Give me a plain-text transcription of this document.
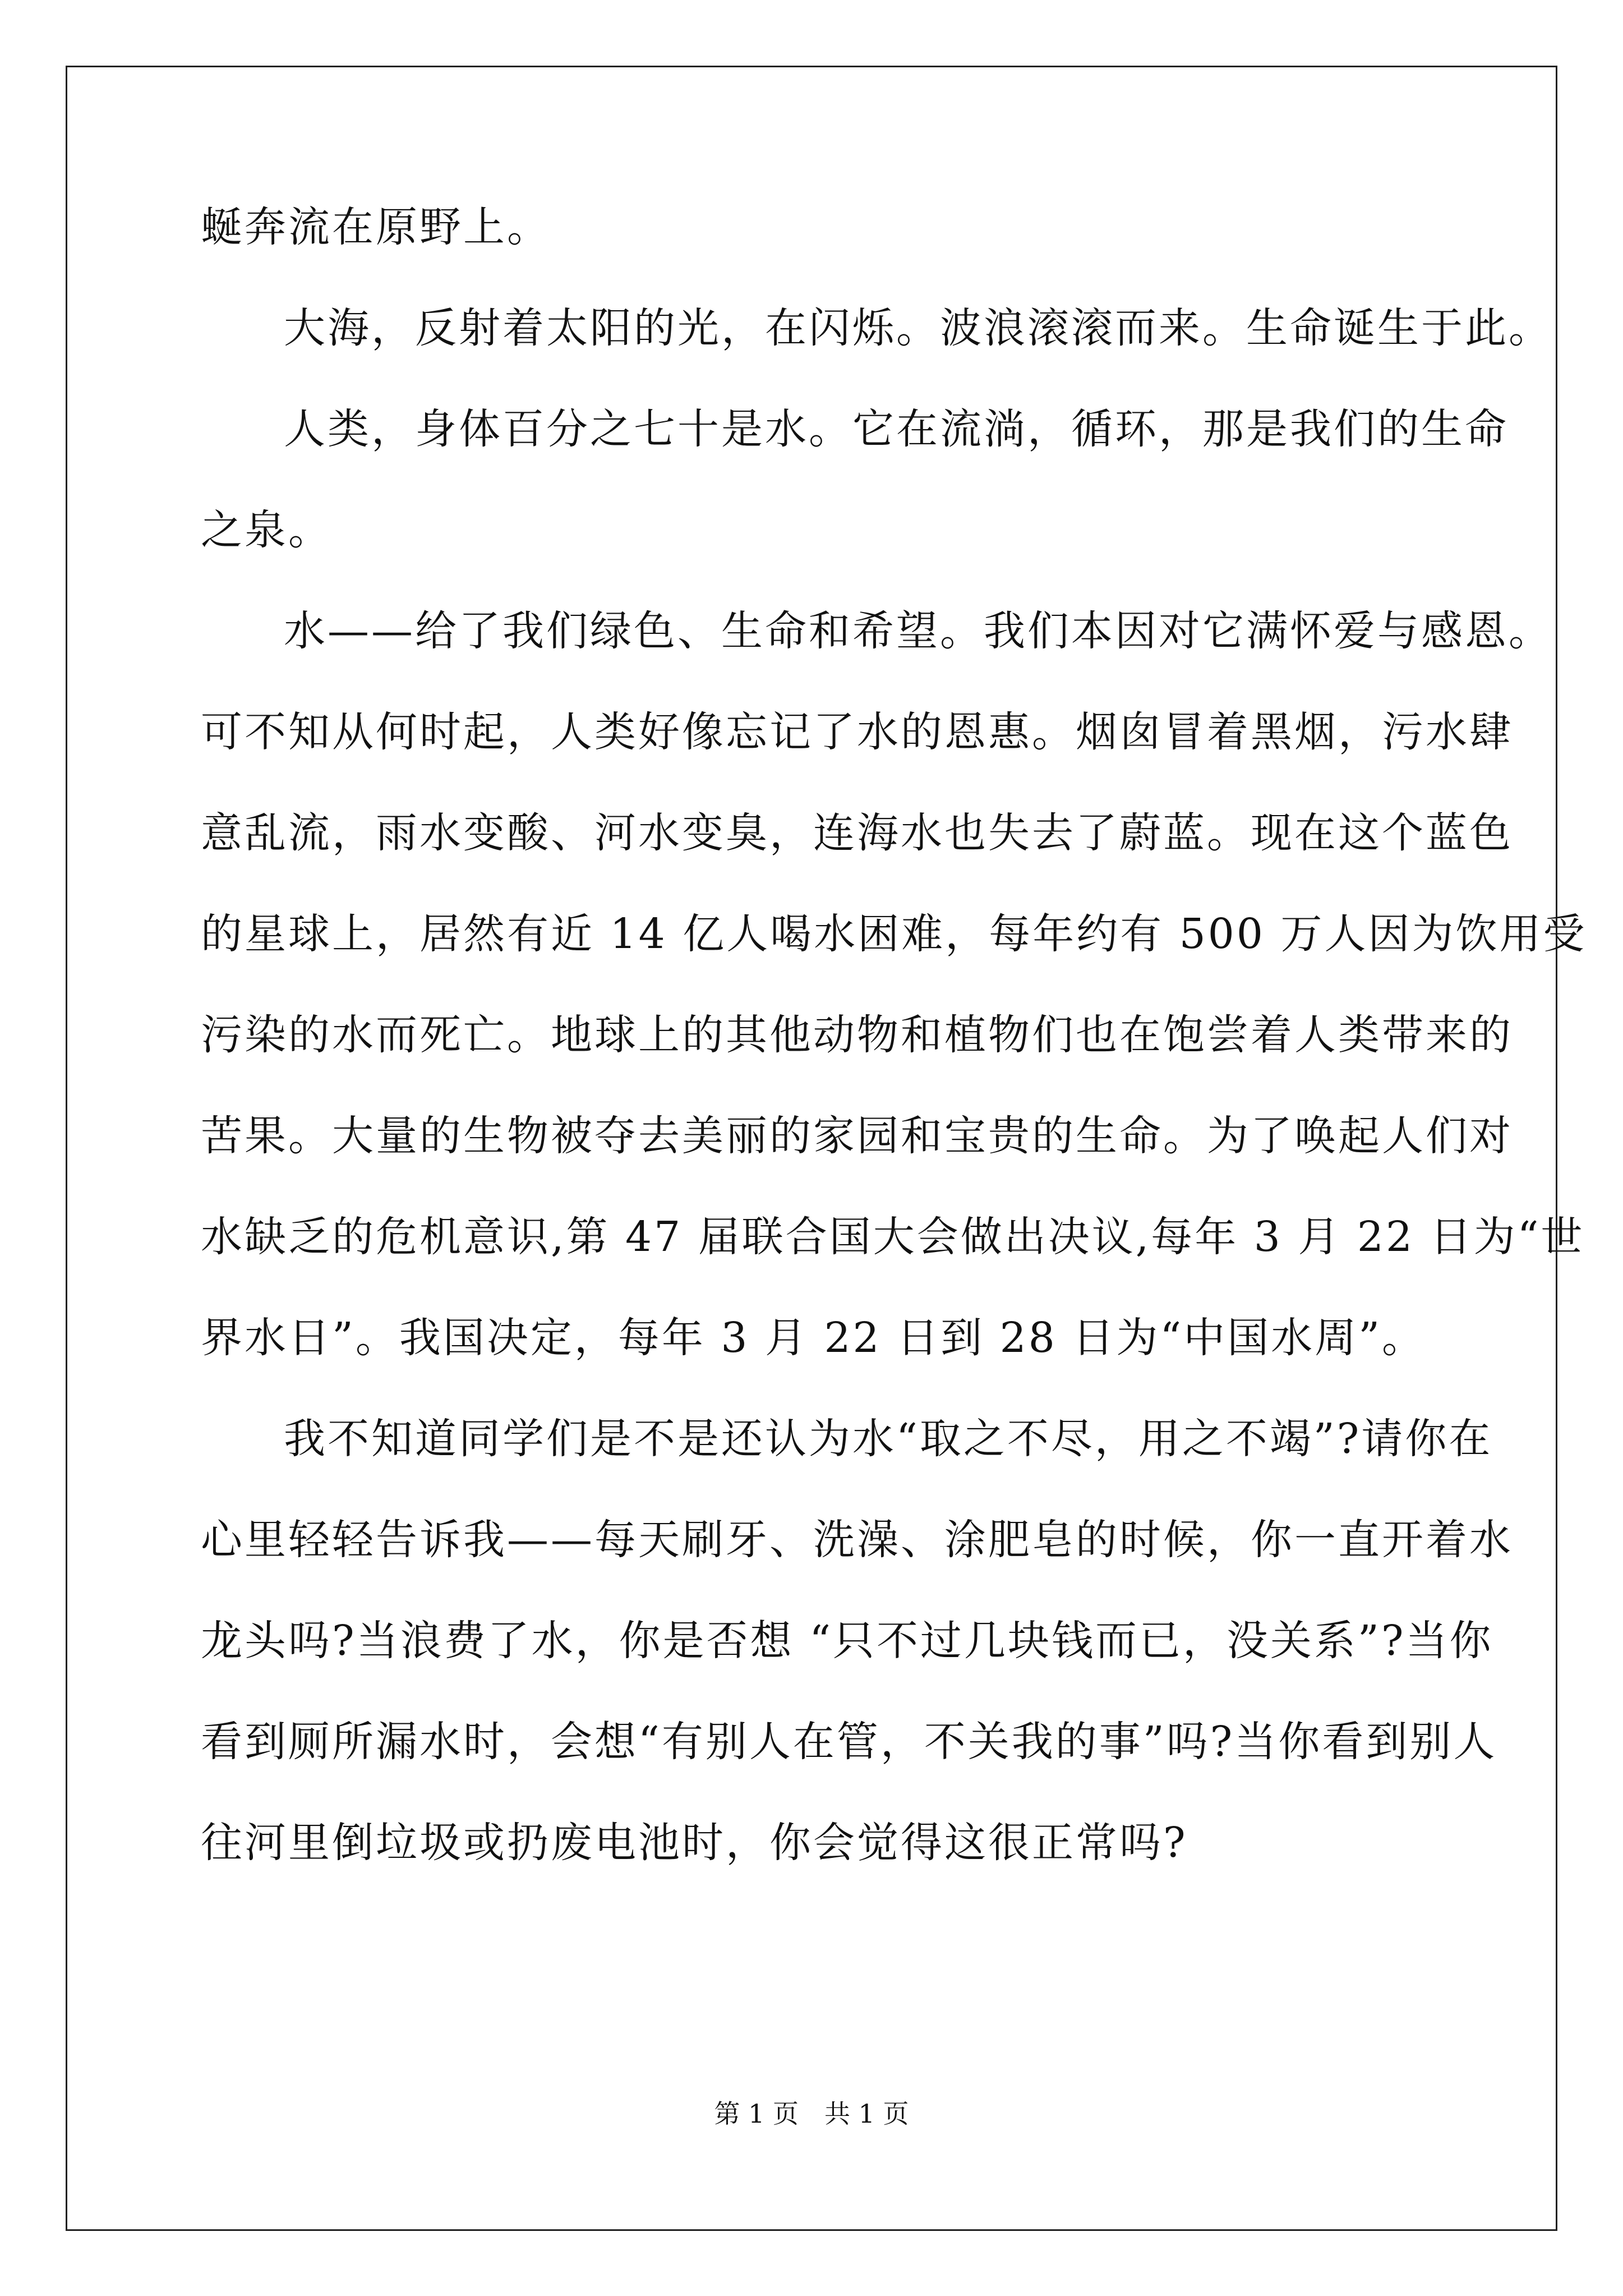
蜒奔流在原野上。
大海，反射着太阳的光，在闪烁。波浪滚滚而来。生命诞生于此。
人类，身体百分之七十是水。它在流淌，循环，那是我们的生命
之泉。
水——给了我们绿色、生命和希望。我们本因对它满怀爱与感恩。
可不知从何时起，人类好像忘记了水的恩惠。烟囱冒着黑烟，污水肆
意乱流，雨水变酸、河水变臭，连海水也失去了蔚蓝。现在这个蓝色
的星球上，居然有近 14 亿人喝水困难，每年约有 500 万人因为饮用受
污染的水而死亡。地球上的其他动物和植物们也在饱尝着人类带来的
苦果。大量的生物被夺去美丽的家园和宝贵的生命。为了唤起人们对
水缺乏的危机意识,第 47 届联合国大会做出决议,每年 3 月 22 日为“世
界水日”。我国决定，每年 3 月 22 日到 28 日为“中国水周”。
我不知道同学们是不是还认为水“取之不尽，用之不竭”?请你在
心里轻轻告诉我——每天刷牙、洗澡、涂肥皂的时候，你一直开着水
龙头吗?当浪费了水，你是否想 “只不过几块钱而已，没关系”?当你
看到厕所漏水时，会想“有别人在管，不关我的事”吗?当你看到别人
往河里倒垃圾或扔废电池时，你会觉得这很正常吗?
第 1 页　共 1 页
